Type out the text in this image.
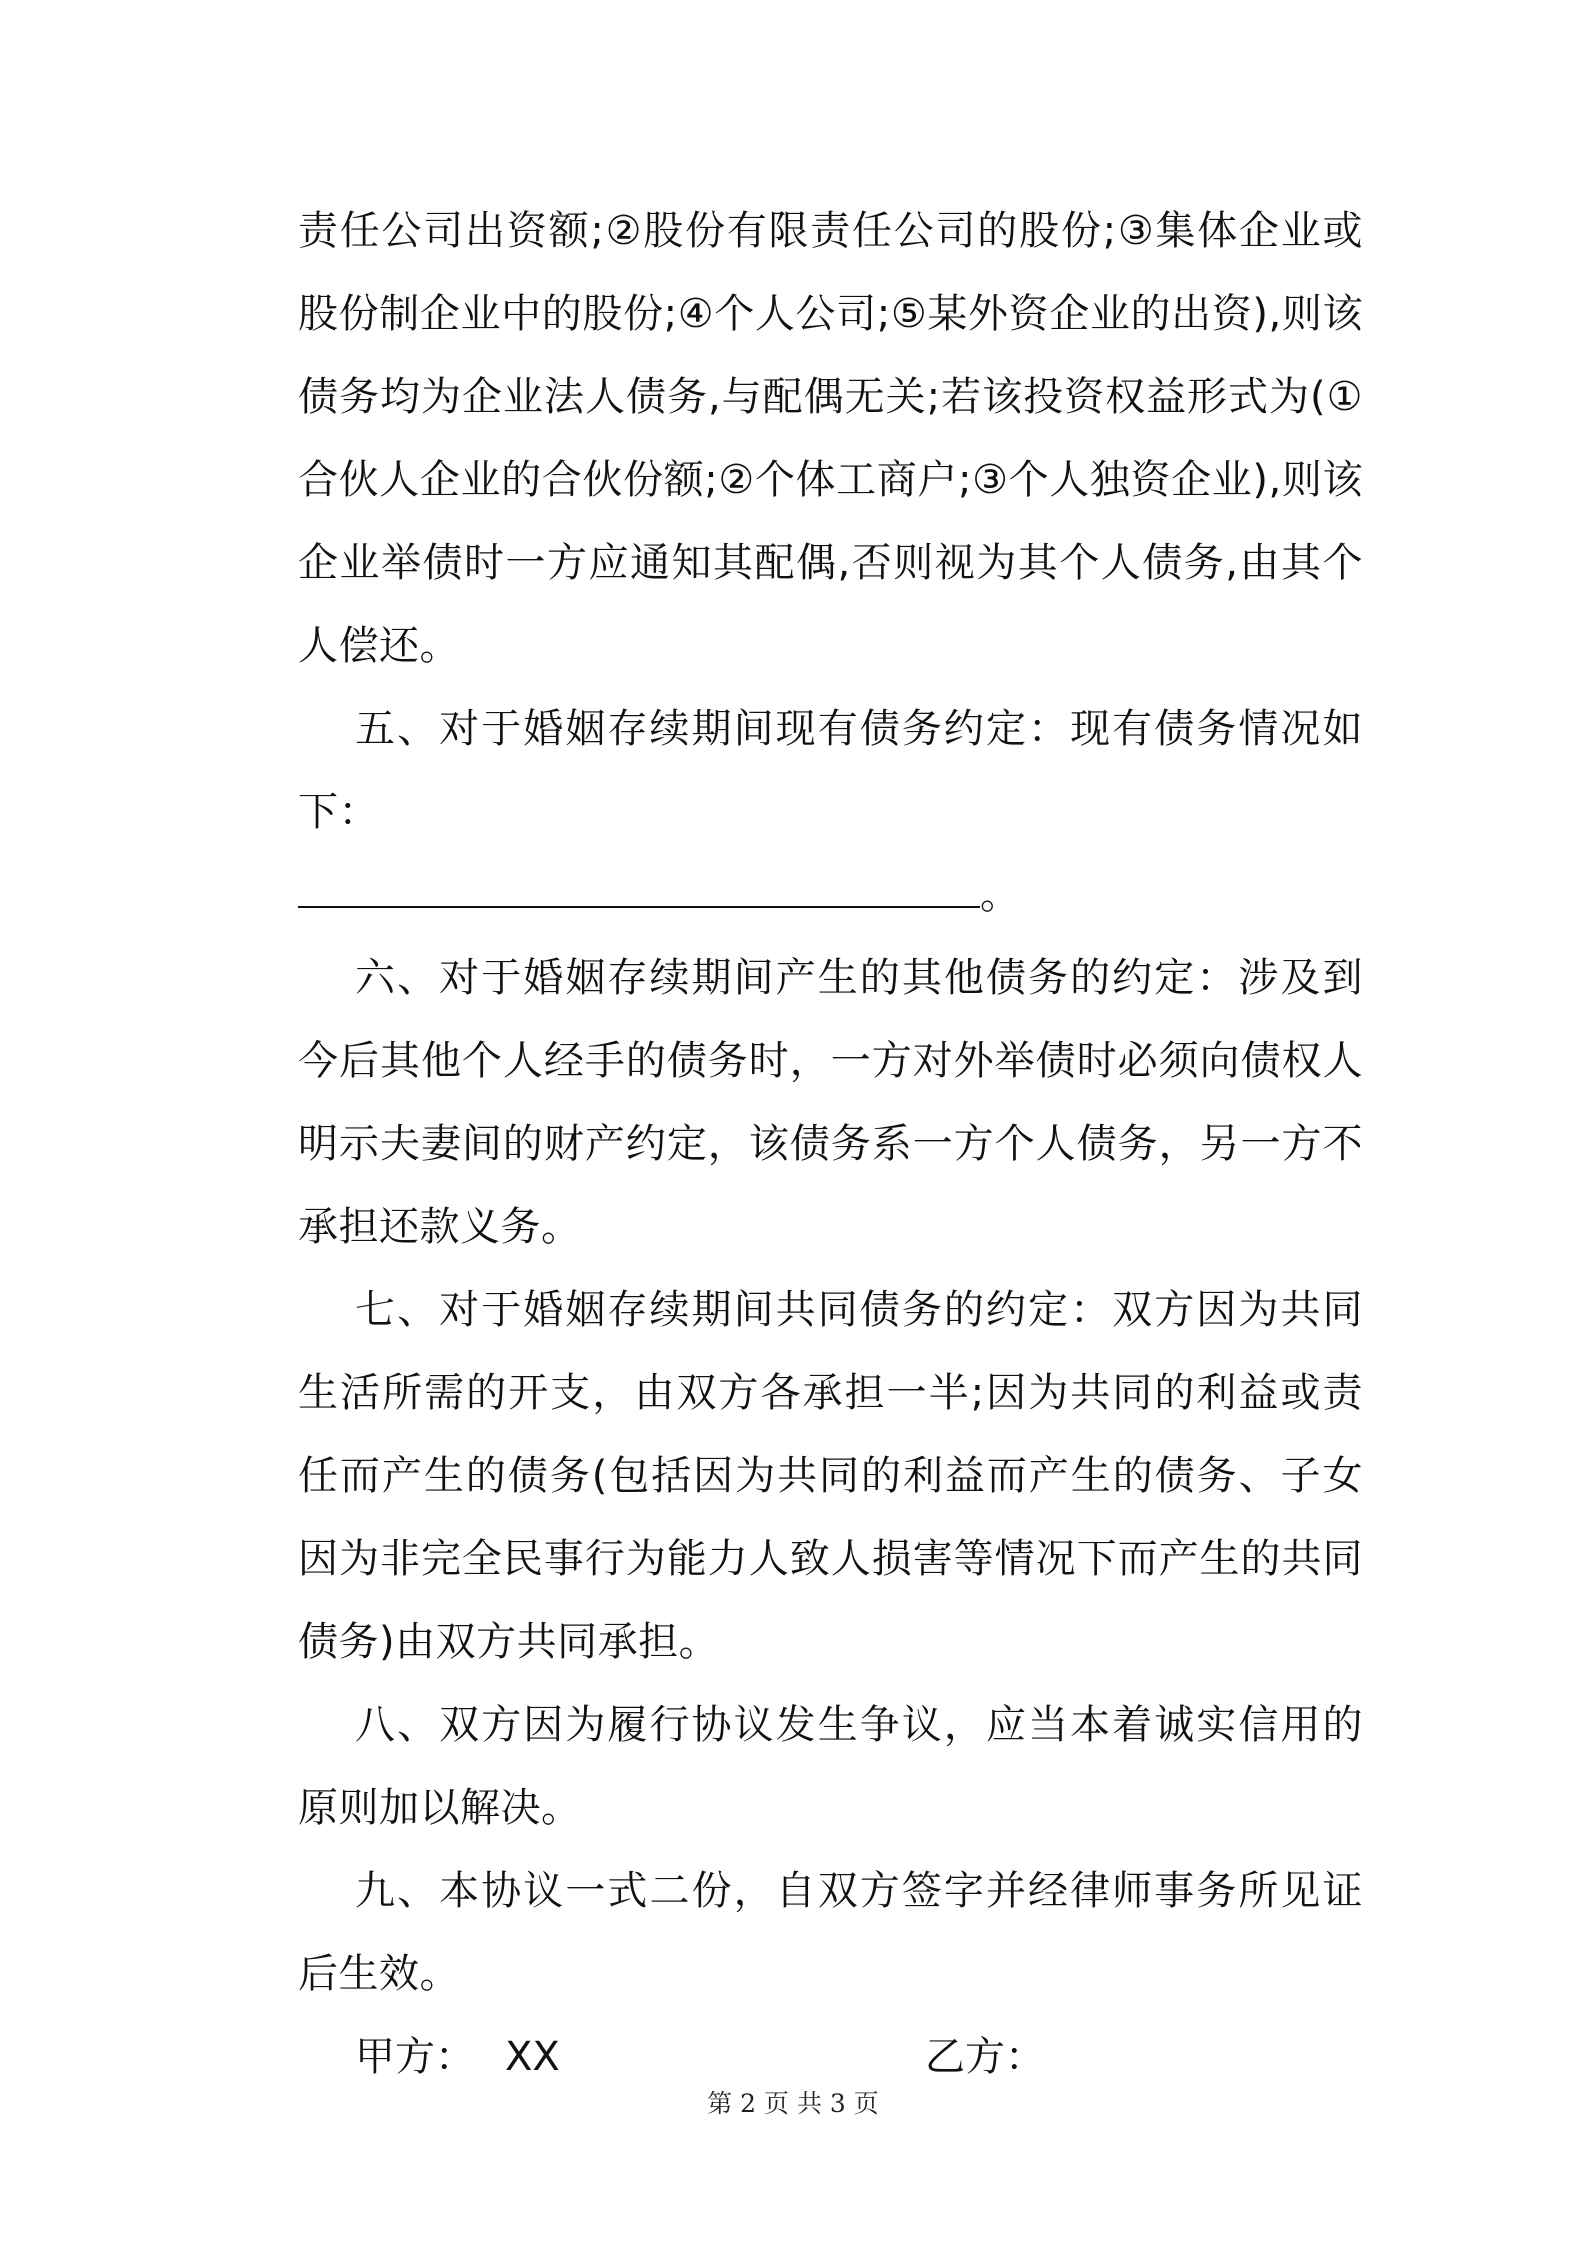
责任公司出资额;②股份有限责任公司的股份;③集体企业或股份制企业中的股份;④个人公司;⑤某外资企业的出资),则该债务均为企业法人债务,与配偶无关;若该投资权益形式为(①合伙人企业的合伙份额;②个体工商户;③个人独资企业),则该企业举债时一方应通知其配偶,否则视为其个人债务,由其个人偿还。

五、对于婚姻存续期间现有债务约定：现有债务情况如下：

。

六、对于婚姻存续期间产生的其他债务的约定：涉及到今后其他个人经手的债务时，一方对外举债时必须向债权人明示夫妻间的财产约定，该债务系一方个人债务，另一方不承担还款义务。

七、对于婚姻存续期间共同债务的约定：双方因为共同生活所需的开支，由双方各承担一半;因为共同的利益或责任而产生的债务(包括因为共同的利益而产生的债务、子女因为非完全民事行为能力人致人损害等情况下而产生的共同债务)由双方共同承担。

八、双方因为履行协议发生争议，应当本着诚实信用的原则加以解决。

九、本协议一式二份，自双方签字并经律师事务所见证后生效。

甲方： XX	乙方：
第 2 页 共 3 页
